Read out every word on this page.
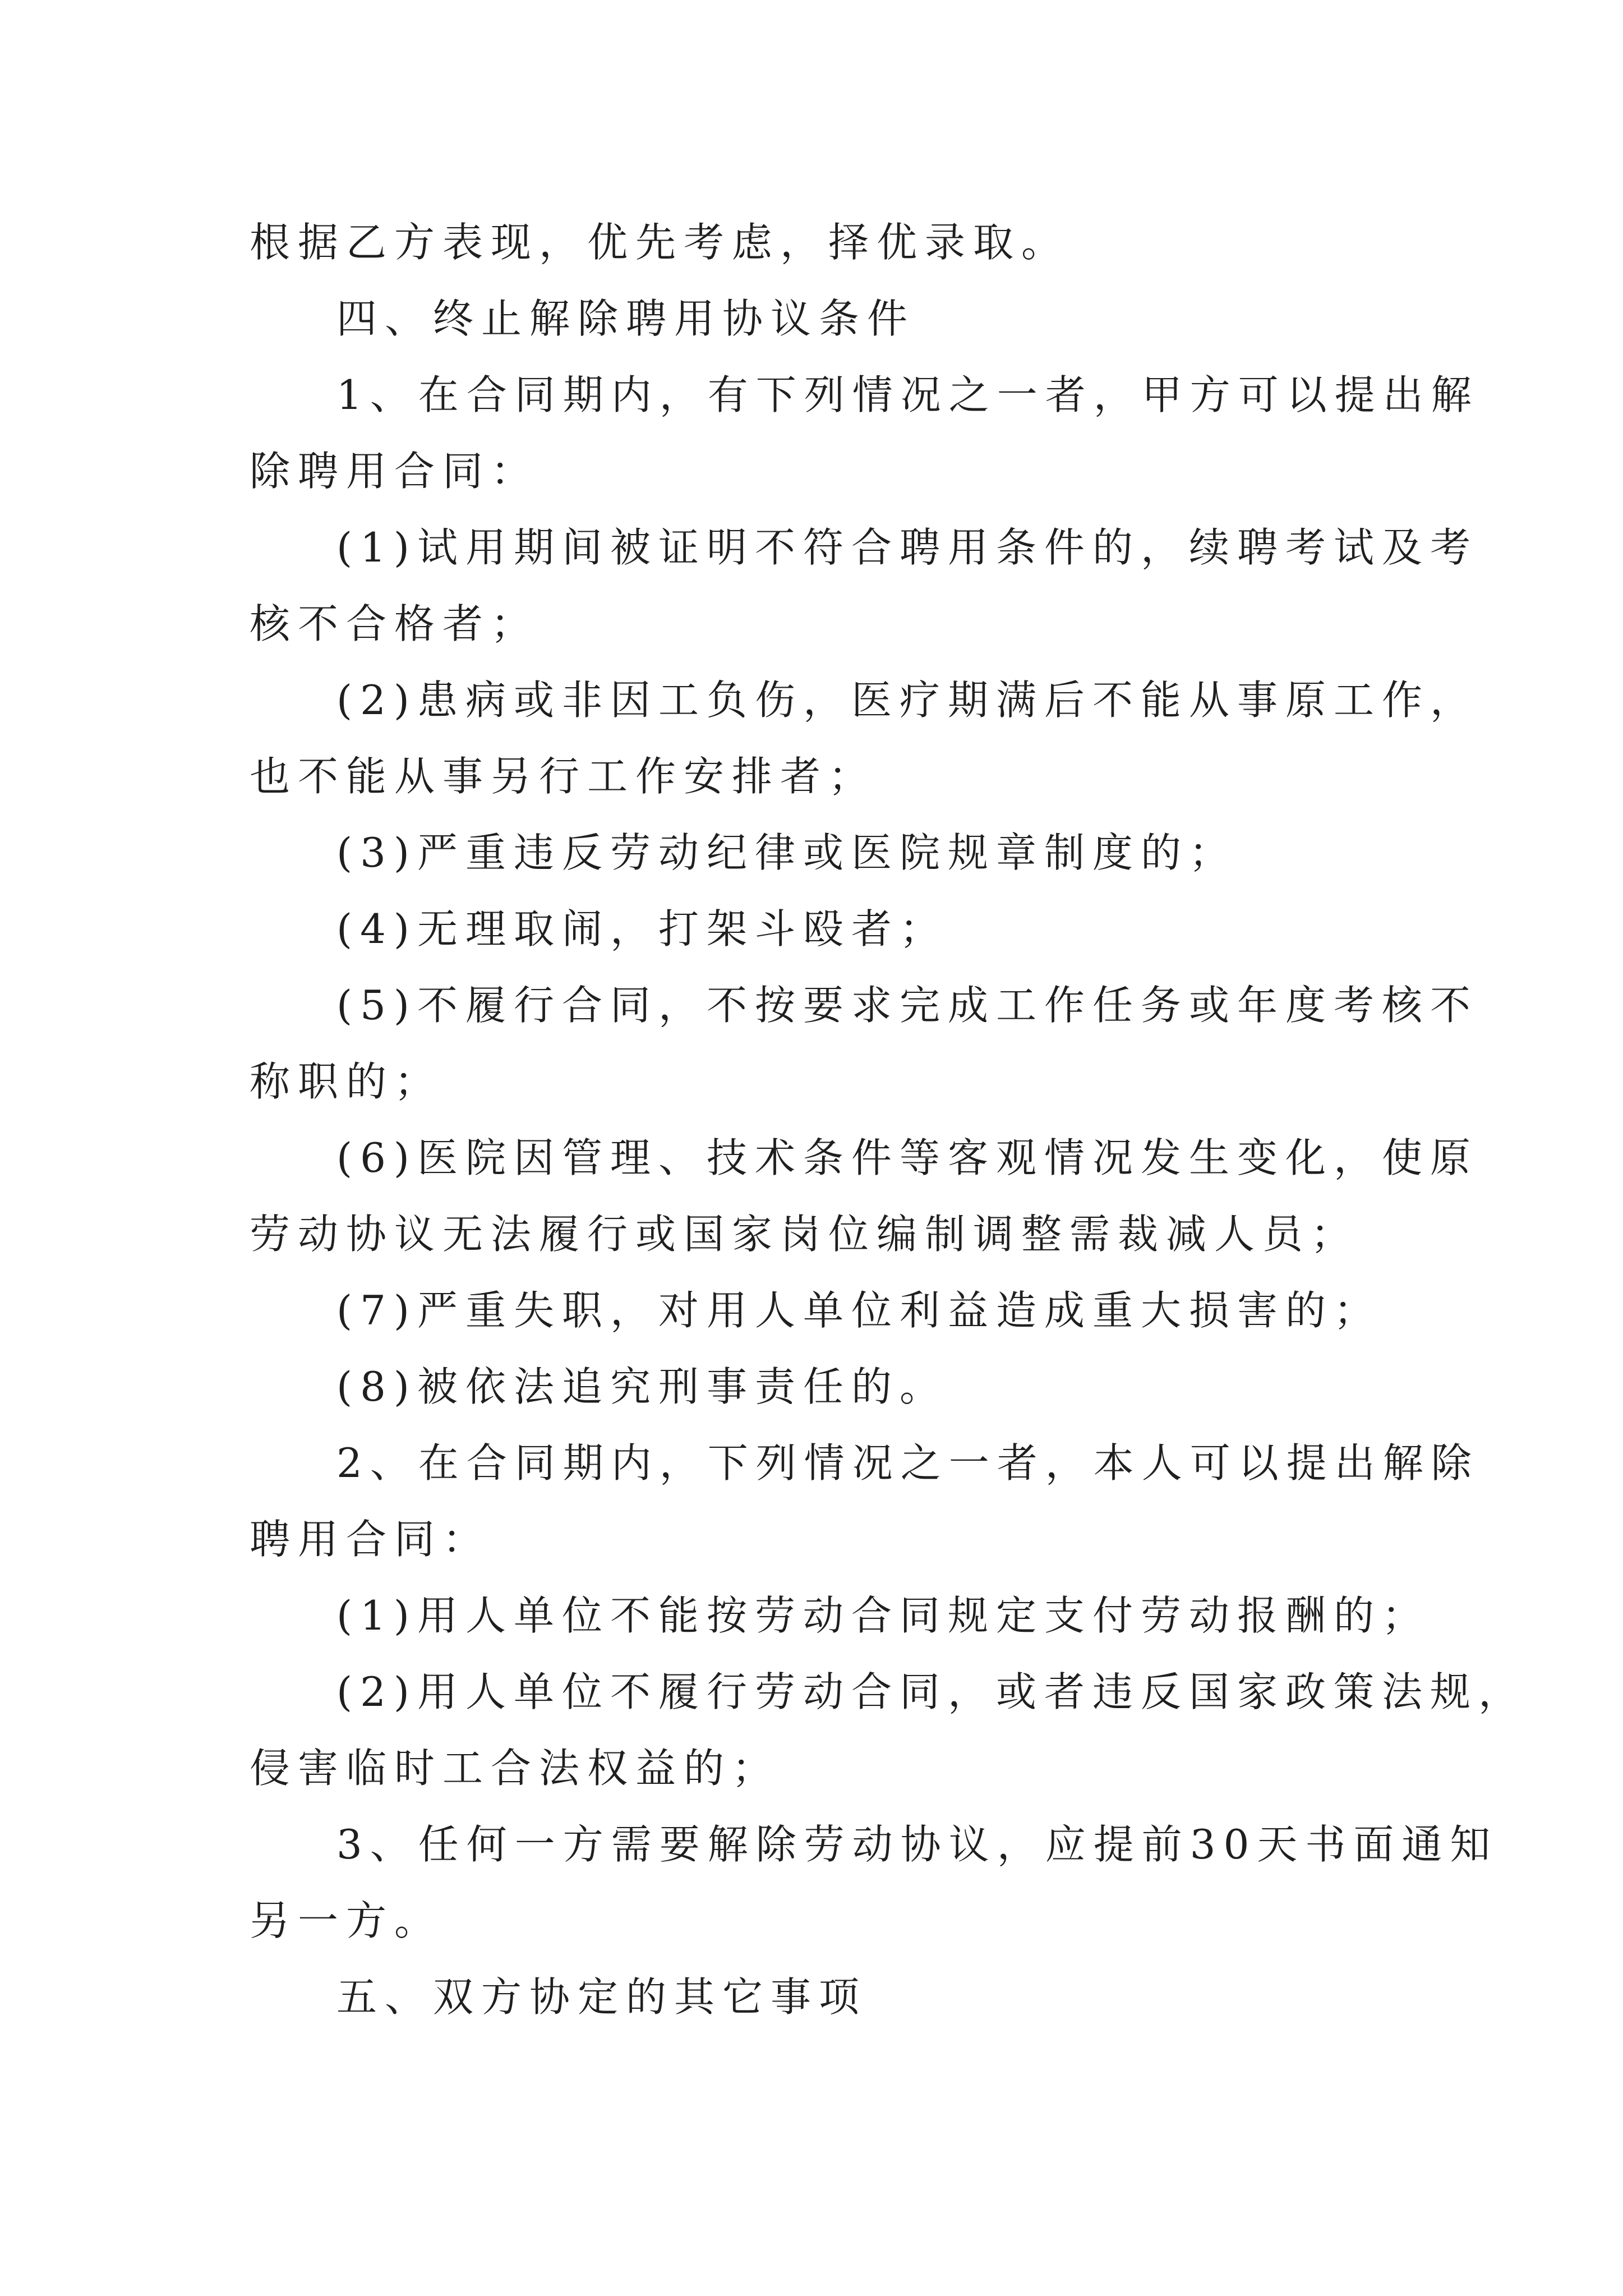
根据乙方表现，优先考虑，择优录取。
四、终止解除聘用协议条件
1、在合同期内，有下列情况之一者，甲方可以提出解
除聘用合同：
(1)试用期间被证明不符合聘用条件的，续聘考试及考
核不合格者；
(2)患病或非因工负伤，医疗期满后不能从事原工作，
也不能从事另行工作安排者；
(3)严重违反劳动纪律或医院规章制度的；
(4)无理取闹，打架斗殴者；
(5)不履行合同，不按要求完成工作任务或年度考核不
称职的；
(6)医院因管理、技术条件等客观情况发生变化，使原
劳动协议无法履行或国家岗位编制调整需裁减人员；
(7)严重失职，对用人单位利益造成重大损害的；
(8)被依法追究刑事责任的。
2、在合同期内，下列情况之一者，本人可以提出解除
聘用合同：
(1)用人单位不能按劳动合同规定支付劳动报酬的；
(2)用人单位不履行劳动合同，或者违反国家政策法规，
侵害临时工合法权益的；
3、任何一方需要解除劳动协议，应提前30天书面通知
另一方。
五、双方协定的其它事项
